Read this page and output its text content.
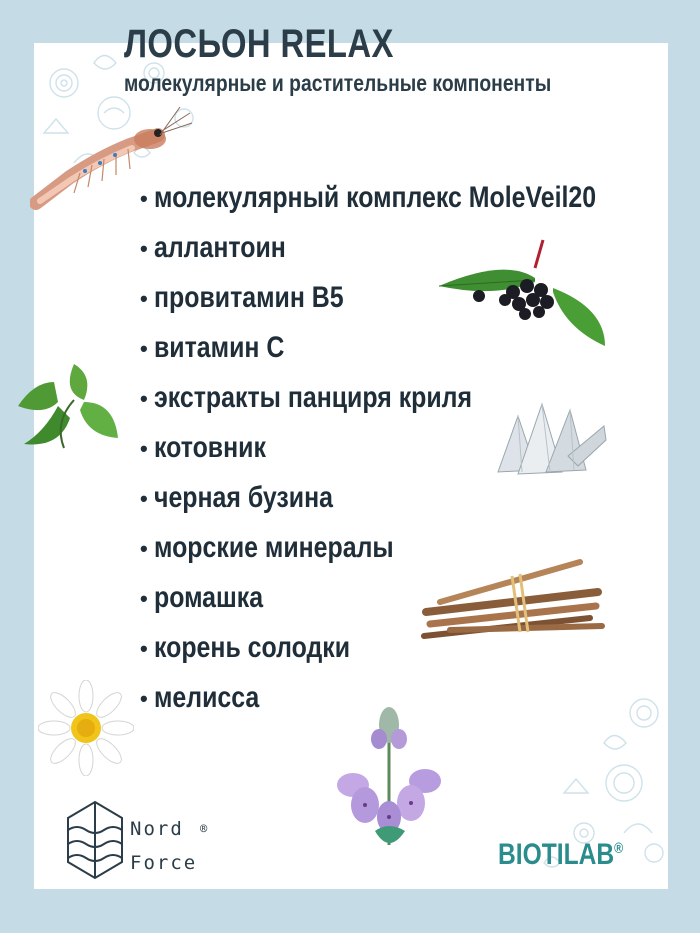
ЛОСЬОН RELAX
молекулярные и растительные компоненты
• молекулярный комплекс MoleVeil20
• аллантоин
• провитамин B5
• витамин С
• экстракты панциря криля
• котовник
• черная бузина
• морские минералы
• ромашка
• корень солодки
• мелисса
Nord ®
Force	BIOTILAB®
